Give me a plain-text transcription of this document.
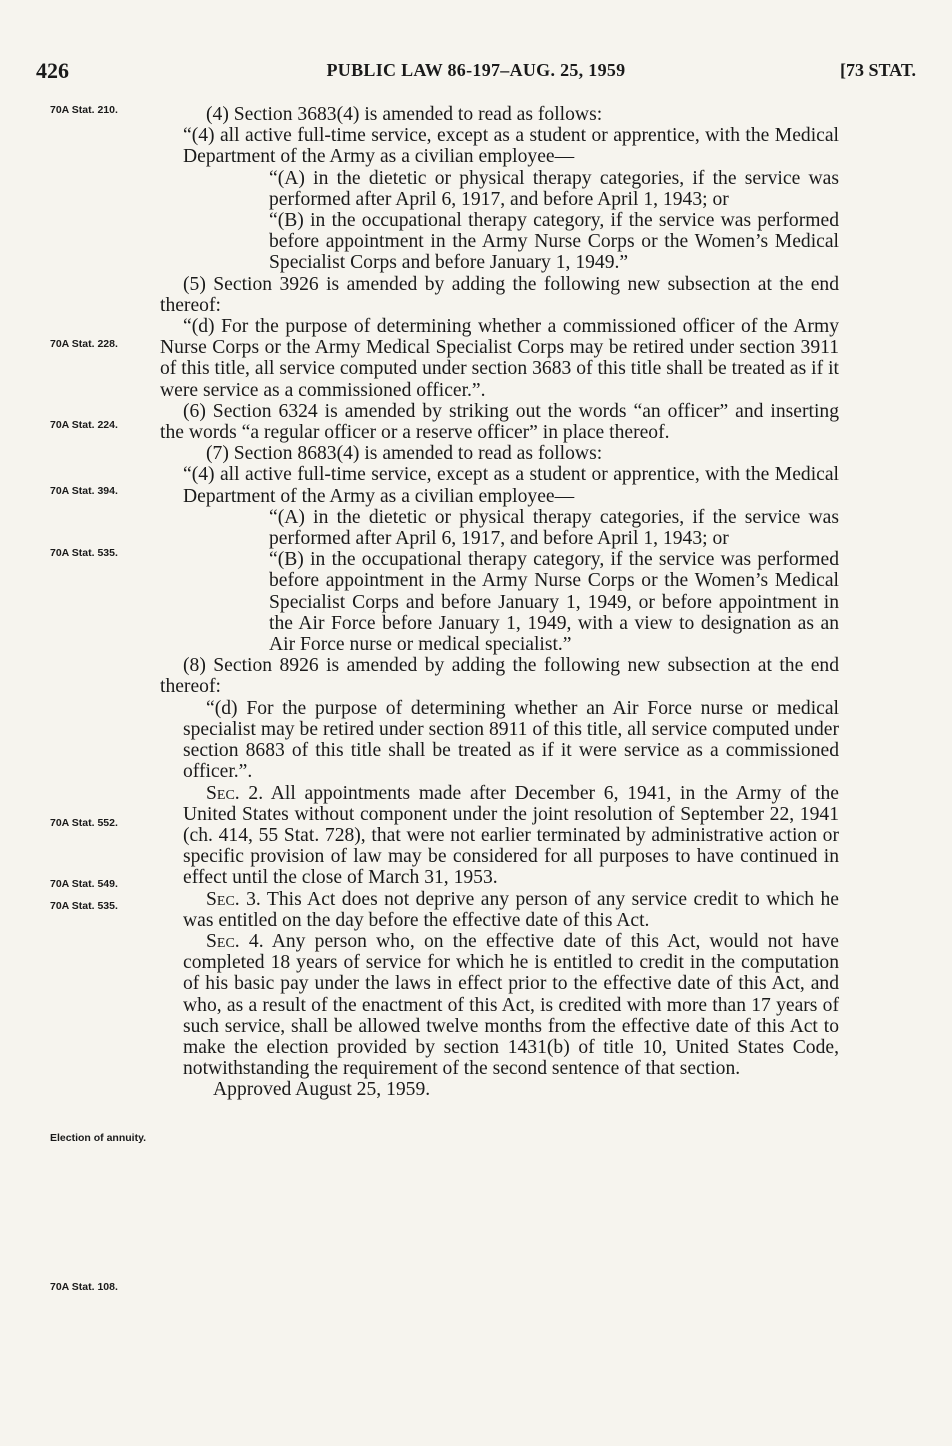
426	PUBLIC LAW 86-197–AUG. 25, 1959	[73 STAT.
70A Stat. 210.
70A Stat. 228.
70A Stat. 224.
70A Stat. 394.
70A Stat. 535.
70A Stat. 552.
70A Stat. 549.
70A Stat. 535.
Election of annuity.
70A Stat. 108.

(4) Section 3683(4) is amended to read as follows:

“(4) all active full-time service, except as a student or apprentice, with the Medical Department of the Army as a civilian employee—

“(A) in the dietetic or physical therapy categories, if the service was performed after April 6, 1917, and before April 1, 1943; or

“(B) in the occupational therapy category, if the service was performed before appointment in the Army Nurse Corps or the Women’s Medical Specialist Corps and before January 1, 1949.”

(5) Section 3926 is amended by adding the following new subsection at the end thereof:

“(d) For the purpose of determining whether a commissioned officer of the Army Nurse Corps or the Army Medical Specialist Corps may be retired under section 3911 of this title, all service computed under section 3683 of this title shall be treated as if it were service as a commissioned officer.”.

(6) Section 6324 is amended by striking out the words “an officer” and inserting the words “a regular officer or a reserve officer” in place thereof.

(7) Section 8683(4) is amended to read as follows:

“(4) all active full-time service, except as a student or apprentice, with the Medical Department of the Army as a civilian employee—

“(A) in the dietetic or physical therapy categories, if the service was performed after April 6, 1917, and before April 1, 1943; or

“(B) in the occupational therapy category, if the service was performed before appointment in the Army Nurse Corps or the Women’s Medical Specialist Corps and before January 1, 1949, or before appointment in the Air Force before January 1, 1949, with a view to designation as an Air Force nurse or medical specialist.”

(8) Section 8926 is amended by adding the following new subsection at the end thereof:

“(d) For the purpose of determining whether an Air Force nurse or medical specialist may be retired under section 8911 of this title, all service computed under section 8683 of this title shall be treated as if it were service as a commissioned officer.”.

Sec. 2. All appointments made after December 6, 1941, in the Army of the United States without component under the joint resolution of September 22, 1941 (ch. 414, 55 Stat. 728), that were not earlier terminated by administrative action or specific provision of law may be considered for all purposes to have continued in effect until the close of March 31, 1953.

Sec. 3. This Act does not deprive any person of any service credit to which he was entitled on the day before the effective date of this Act.

Sec. 4. Any person who, on the effective date of this Act, would not have completed 18 years of service for which he is entitled to credit in the computation of his basic pay under the laws in effect prior to the effective date of this Act, and who, as a result of the enactment of this Act, is credited with more than 17 years of such service, shall be allowed twelve months from the effective date of this Act to make the election provided by section 1431(b) of title 10, United States Code, notwithstanding the requirement of the second sentence of that section.

Approved August 25, 1959.
